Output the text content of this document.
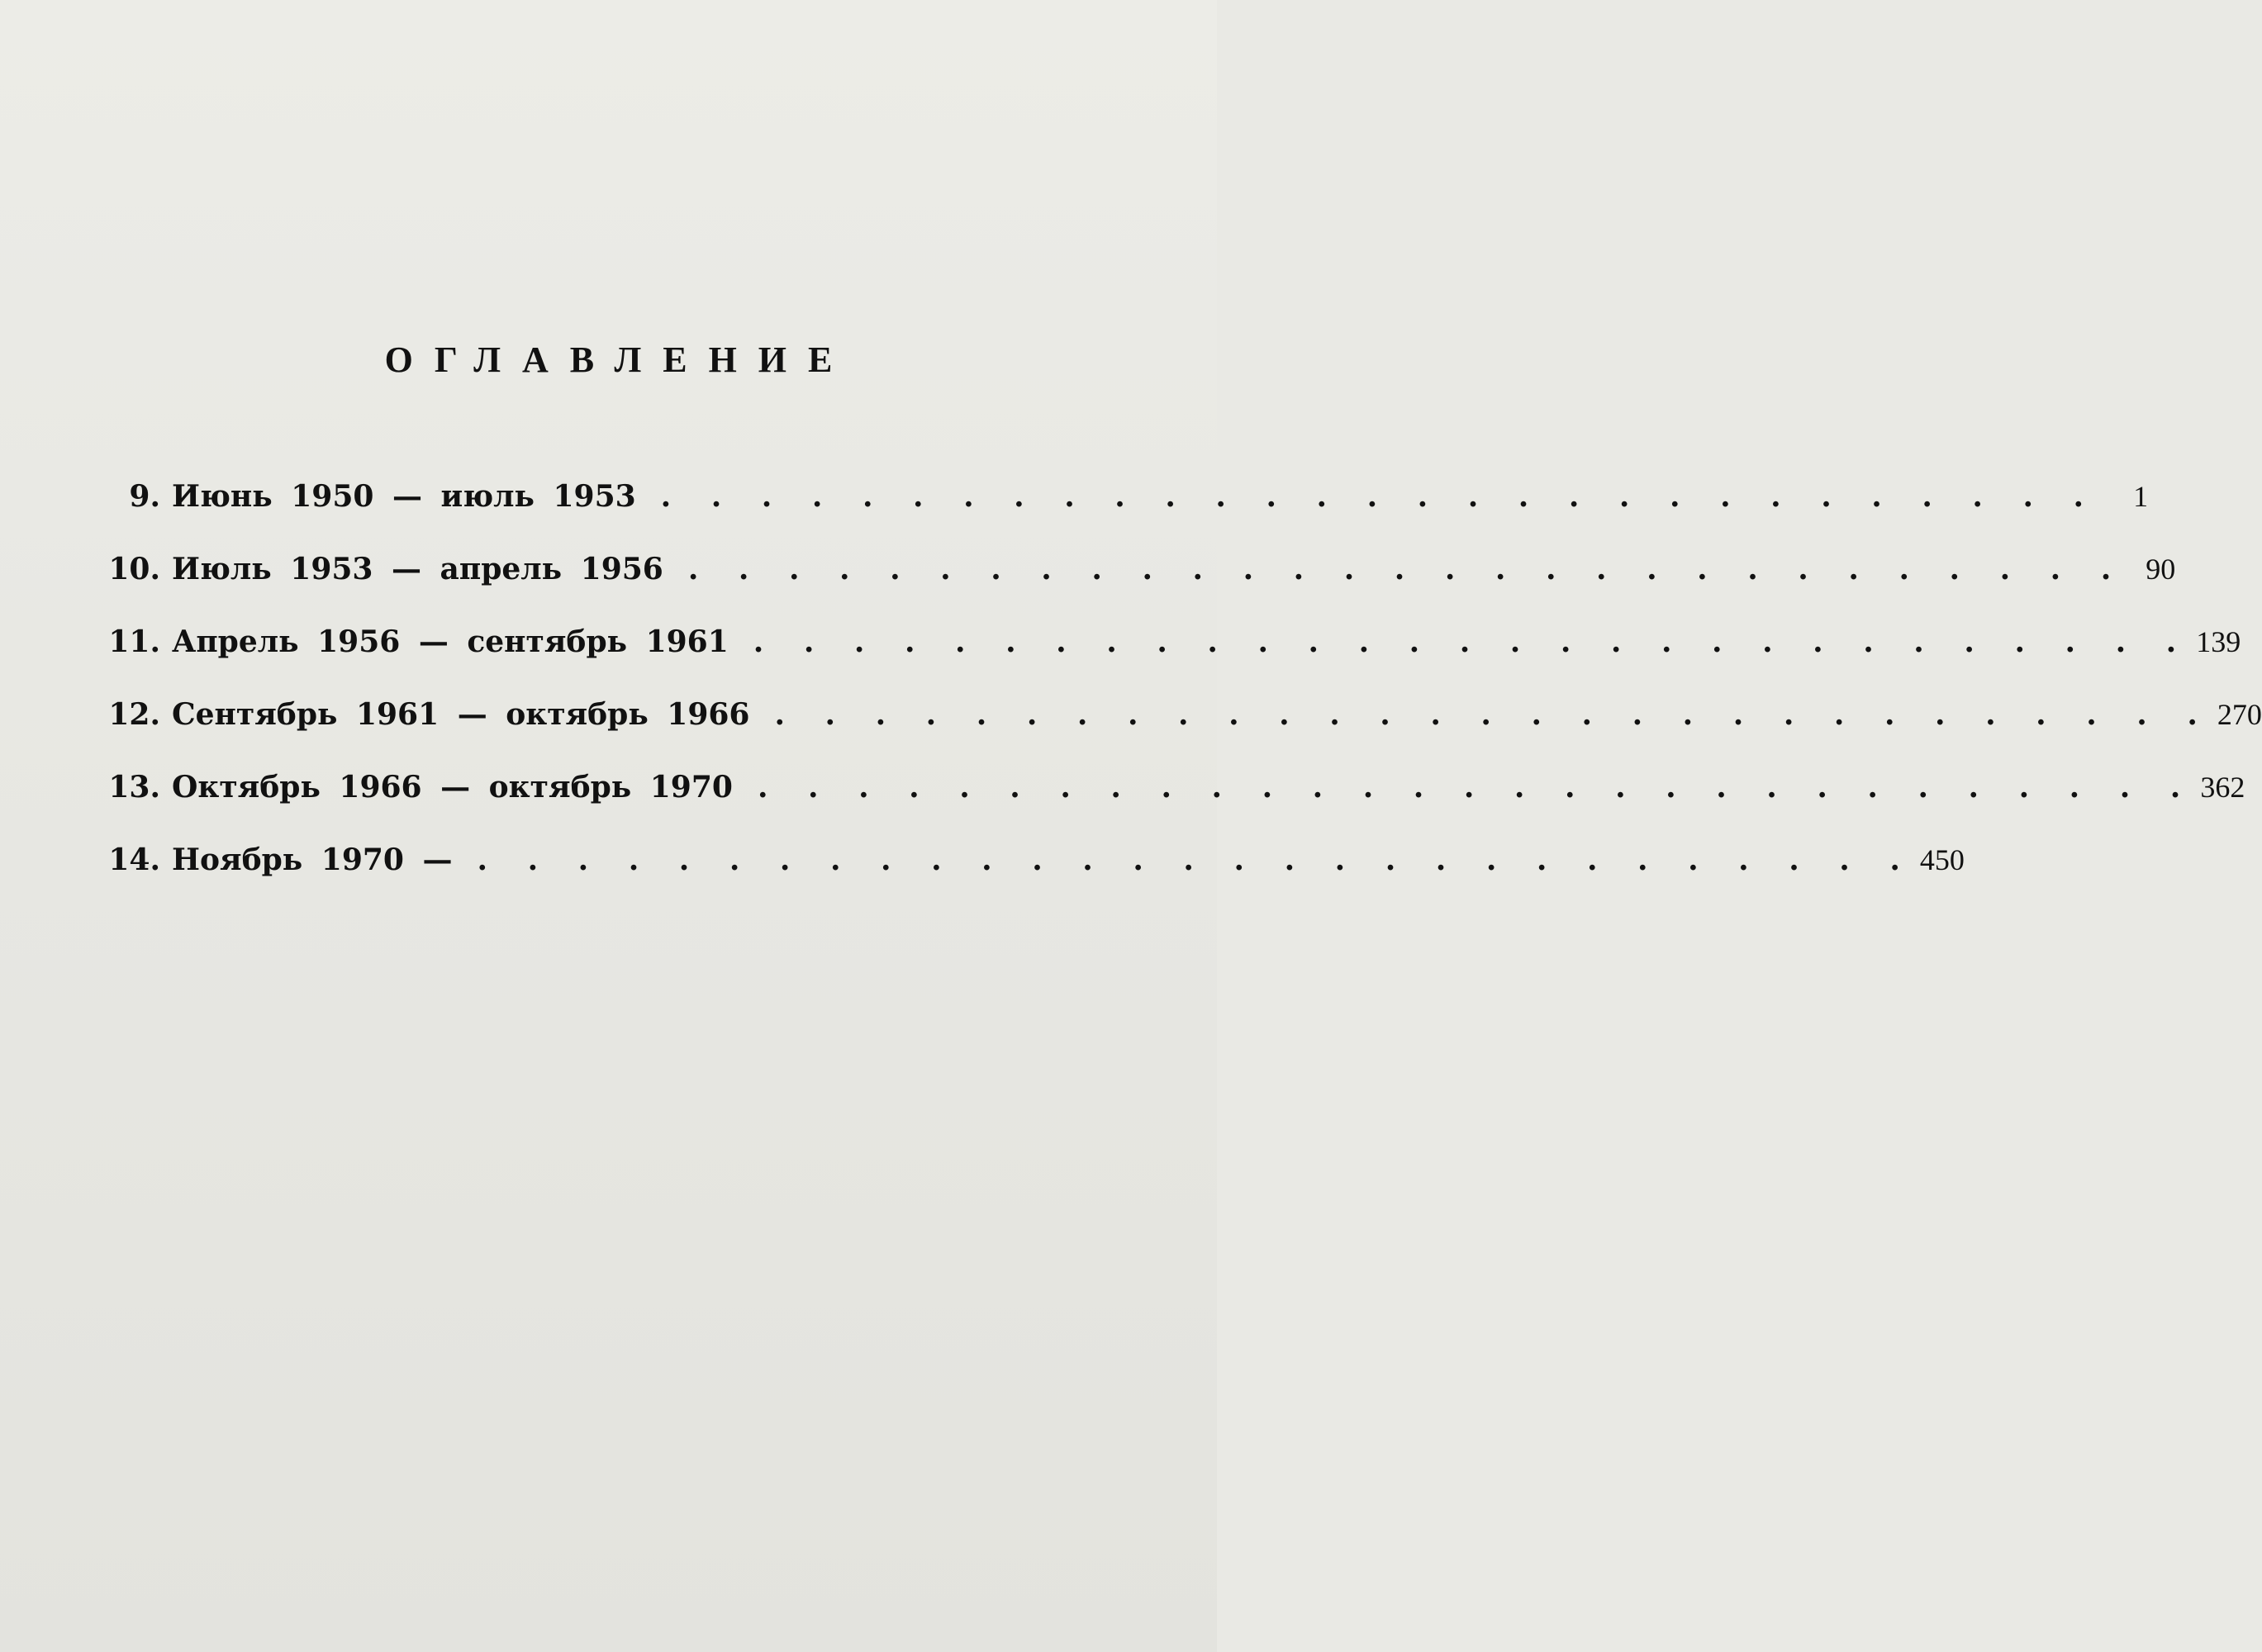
ОГЛАВЛЕНИЕ
9. Июнь 1950 — июль 1953 . . . . . . . . . . . . . . . . . . . . . . . . . . . . .	1
10. Июль 1953 — апрель 1956 . . . . . . . . . . . . . . . . . . . . . . . . . . . . . 90
11. Апрель 1956 — сентябрь 1961 . . . . . . . . . . . . . . . . . . . . . . . . . . . . . 139
12. Сентябрь 1961 — октябрь 1966 . . . . . . . . . . . . . . . . . . . . . . . . . . . . . 270
13. Октябрь 1966 — октябрь 1970 . . . . . . . . . . . . . . . . . . . . . . . . . . . . . 362
14. Ноябрь 1970 — . . . . . . . . . . . . . . . . . . . . . . . . . . . . . 450
